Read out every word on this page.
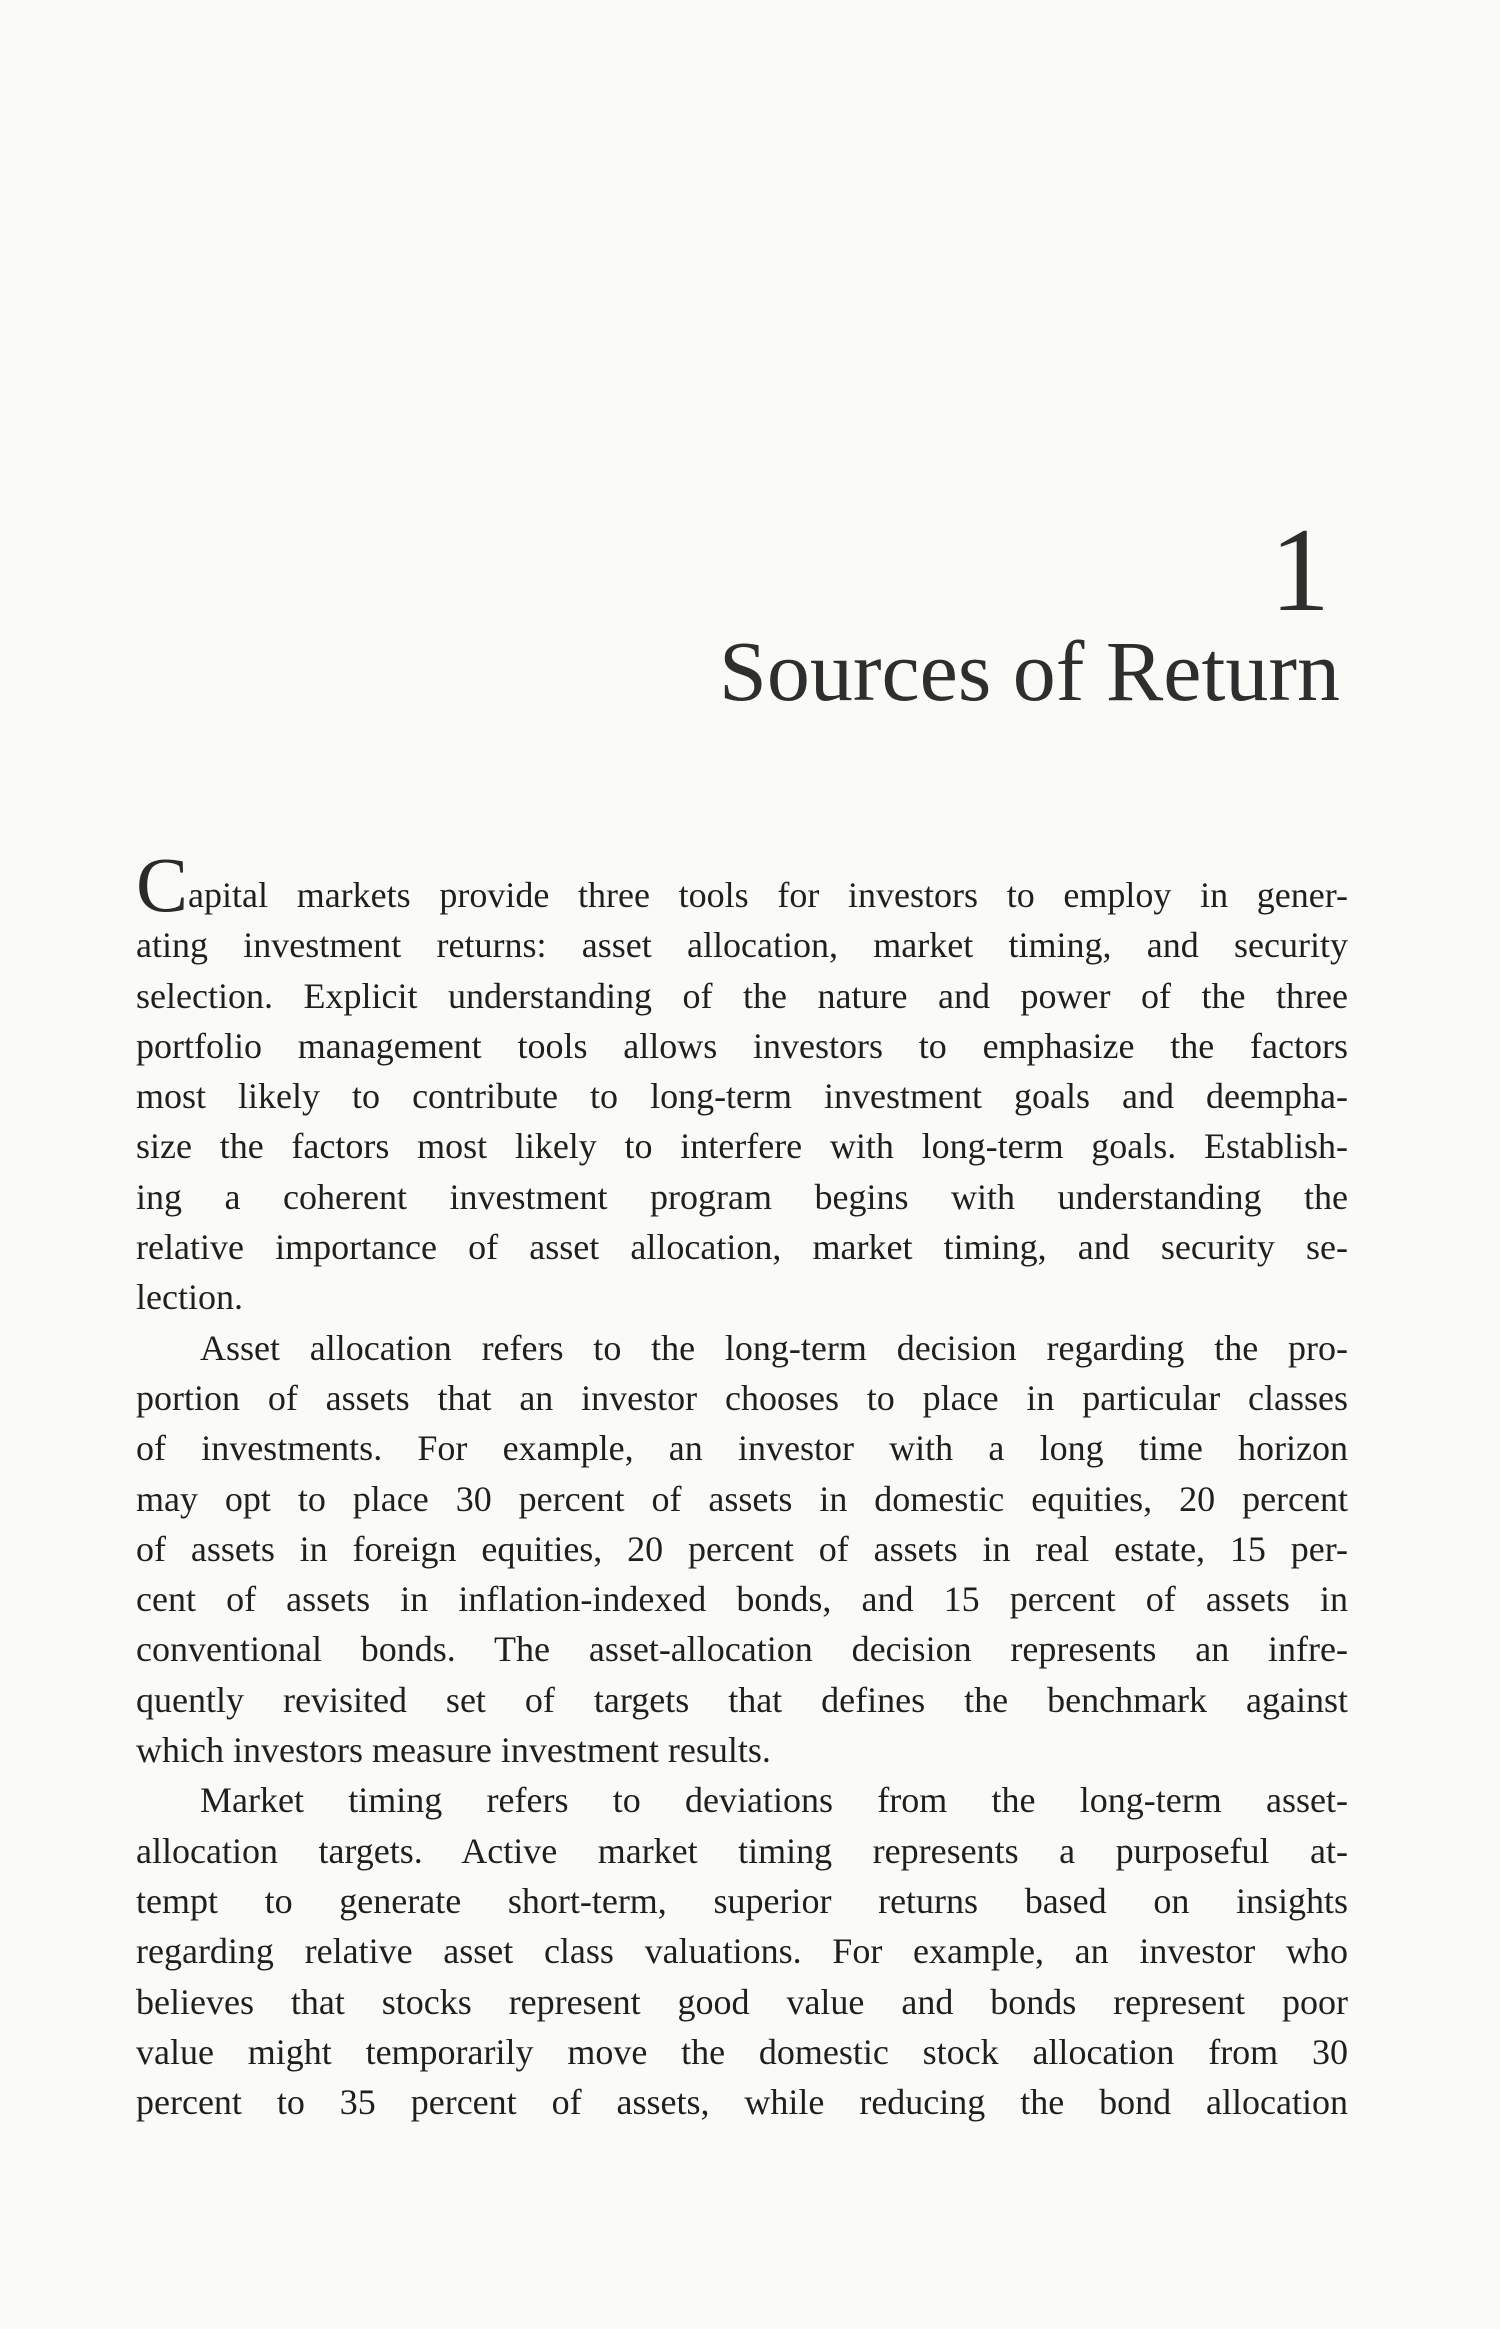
1
Sources of Return

Capital markets provide three tools for investors to employ in gener-
ating investment returns: asset allocation, market timing, and security
selection. Explicit understanding of the nature and power of the three
portfolio management tools allows investors to emphasize the factors
most likely to contribute to long-term investment goals and deempha-
size the factors most likely to interfere with long-term goals. Establish-
ing a coherent investment program begins with understanding the
relative importance of asset allocation, market timing, and security se-
lection.

Asset allocation refers to the long-term decision regarding the pro-
portion of assets that an investor chooses to place in particular classes
of investments. For example, an investor with a long time horizon
may opt to place 30 percent of assets in domestic equities, 20 percent
of assets in foreign equities, 20 percent of assets in real estate, 15 per-
cent of assets in inflation-indexed bonds, and 15 percent of assets in
conventional bonds. The asset-allocation decision represents an infre-
quently revisited set of targets that defines the benchmark against
which investors measure investment results.

Market timing refers to deviations from the long-term asset-
allocation targets. Active market timing represents a purposeful at-
tempt to generate short-term, superior returns based on insights
regarding relative asset class valuations. For example, an investor who
believes that stocks represent good value and bonds represent poor
value might temporarily move the domestic stock allocation from 30
percent to 35 percent of assets, while reducing the bond allocation
